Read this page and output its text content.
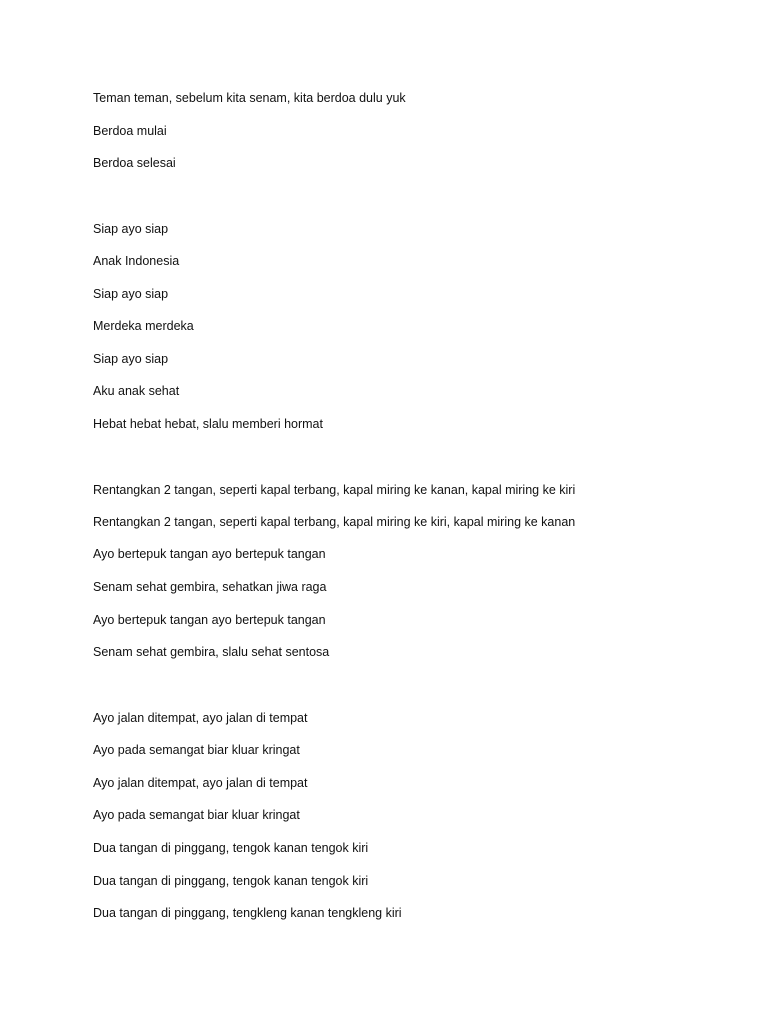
Teman teman, sebelum kita senam, kita berdoa dulu yuk

Berdoa mulai

Berdoa selesai

Siap ayo siap

Anak Indonesia

Siap ayo siap

Merdeka merdeka

Siap ayo siap

Aku anak sehat

Hebat hebat hebat, slalu memberi hormat

Rentangkan 2 tangan, seperti kapal terbang, kapal miring ke kanan, kapal miring ke kiri

Rentangkan 2 tangan, seperti kapal terbang, kapal miring ke kiri, kapal miring ke kanan

Ayo bertepuk tangan ayo bertepuk tangan

Senam sehat gembira, sehatkan jiwa raga

Ayo bertepuk tangan ayo bertepuk tangan

Senam sehat gembira, slalu sehat sentosa

Ayo jalan ditempat, ayo jalan di tempat

Ayo pada semangat biar kluar kringat

Ayo jalan ditempat, ayo jalan di tempat

Ayo pada semangat biar kluar kringat

Dua tangan di pinggang, tengok kanan tengok kiri

Dua tangan di pinggang, tengok kanan tengok kiri

Dua tangan di pinggang, tengkleng kanan tengkleng kiri
